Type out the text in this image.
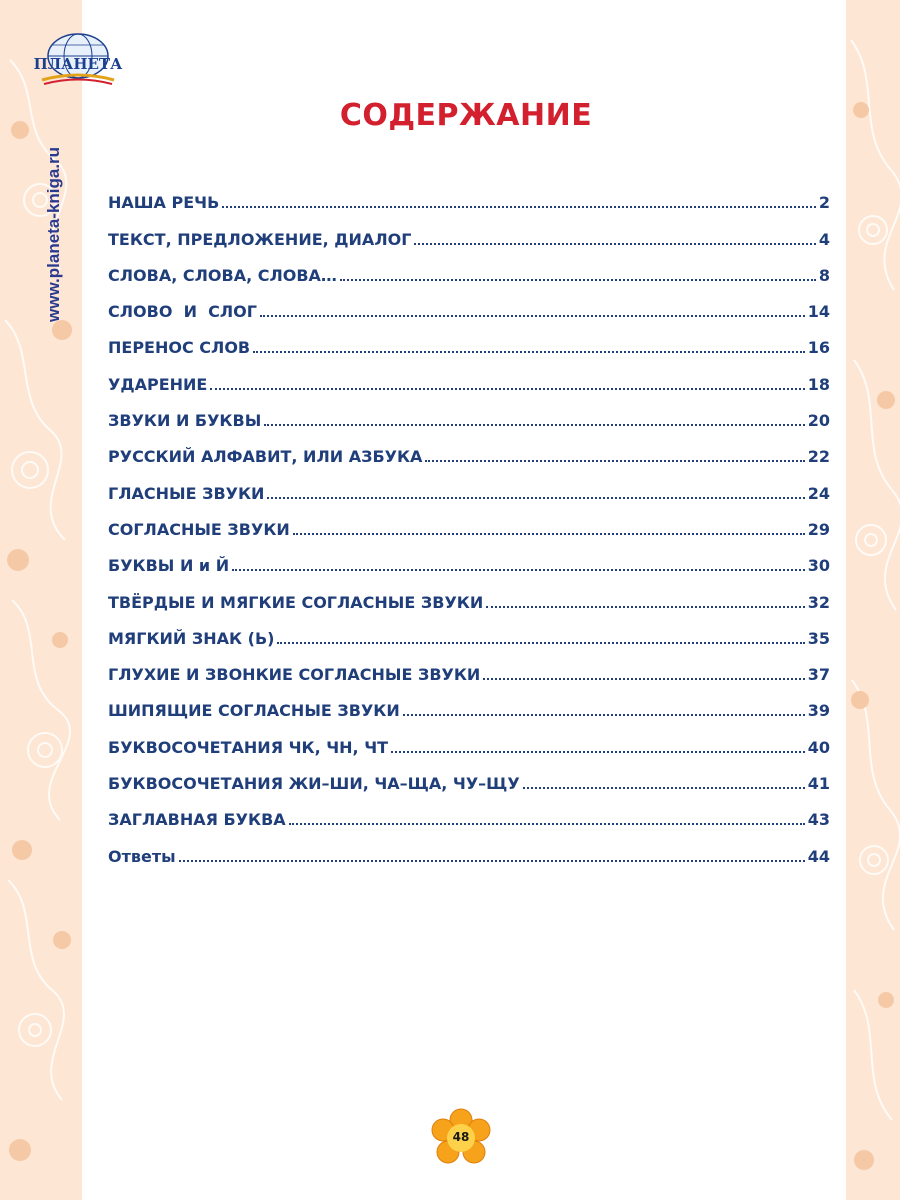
ПЛАНЕТА
www.planeta-kniga.ru
СОДЕРЖАНИЕ
НАША РЕЧЬ	2
ТЕКСТ, ПРЕДЛОЖЕНИЕ, ДИАЛОГ	4
СЛОВА, СЛОВА, СЛОВА…	8
СЛОВО  И  СЛОГ	14
ПЕРЕНОС СЛОВ	16
УДАРЕНИЕ	18
ЗВУКИ И БУКВЫ	20
РУССКИЙ АЛФАВИТ, ИЛИ АЗБУКА	22
ГЛАСНЫЕ ЗВУКИ	24
СОГЛАСНЫЕ ЗВУКИ	29
БУКВЫ И и Й	30
ТВЁРДЫЕ И МЯГКИЕ СОГЛАСНЫЕ ЗВУКИ	32
МЯГКИЙ ЗНАК (Ь)	35
ГЛУХИЕ И ЗВОНКИЕ СОГЛАСНЫЕ ЗВУКИ	37
ШИПЯЩИЕ СОГЛАСНЫЕ ЗВУКИ	39
БУКВОСОЧЕТАНИЯ ЧК, ЧН, ЧТ	40
БУКВОСОЧЕТАНИЯ ЖИ–ШИ, ЧА–ЩА, ЧУ–ЩУ	41
ЗАГЛАВНАЯ БУКВА	43
Ответы	44
48
